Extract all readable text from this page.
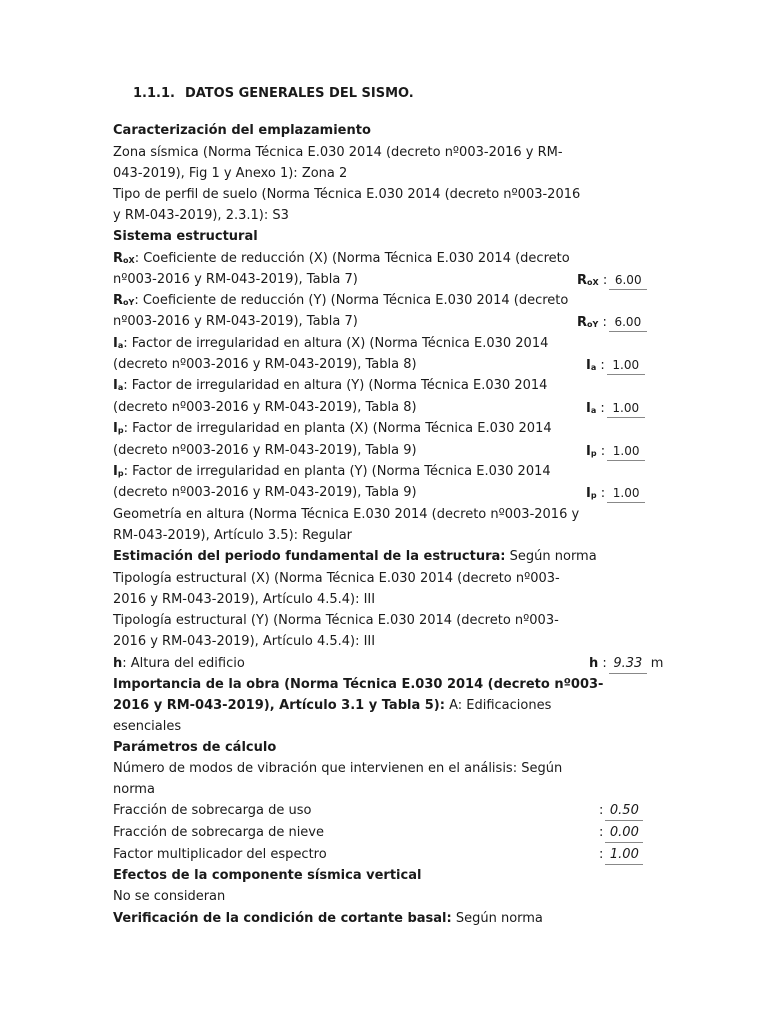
1.1.1. DATOS GENERALES DEL SISMO.
Caracterización del emplazamiento
Zona sísmica (Norma Técnica E.030 2014 (decreto nº003-2016 y RM-
043-2019), Fig 1 y Anexo 1): Zona 2
Tipo de perfil de suelo (Norma Técnica E.030 2014 (decreto nº003-2016
y RM-043-2019), 2.3.1): S3
Sistema estructural
RoX: Coeficiente de reducción (X) (Norma Técnica E.030 2014 (decreto
nº003-2016 y RM-043-2019), Tabla 7)	RoX : 6.00
RoY: Coeficiente de reducción (Y) (Norma Técnica E.030 2014 (decreto
nº003-2016 y RM-043-2019), Tabla 7)	RoY : 6.00
Ia: Factor de irregularidad en altura (X) (Norma Técnica E.030 2014
(decreto nº003-2016 y RM-043-2019), Tabla 8)	Ia : 1.00
Ia: Factor de irregularidad en altura (Y) (Norma Técnica E.030 2014
(decreto nº003-2016 y RM-043-2019), Tabla 8)	Ia : 1.00
Ip: Factor de irregularidad en planta (X) (Norma Técnica E.030 2014
(decreto nº003-2016 y RM-043-2019), Tabla 9)	Ip : 1.00
Ip: Factor de irregularidad en planta (Y) (Norma Técnica E.030 2014
(decreto nº003-2016 y RM-043-2019), Tabla 9)	Ip : 1.00
Geometría en altura (Norma Técnica E.030 2014 (decreto nº003-2016 y
RM-043-2019), Artículo 3.5): Regular
Estimación del periodo fundamental de la estructura: Según norma
Tipología estructural (X) (Norma Técnica E.030 2014 (decreto nº003-
2016 y RM-043-2019), Artículo 4.5.4): III
Tipología estructural (Y) (Norma Técnica E.030 2014 (decreto nº003-
2016 y RM-043-2019), Artículo 4.5.4): III
h: Altura del edificio	h : 9.33 m
Importancia de la obra (Norma Técnica E.030 2014 (decreto nº003-
2016 y RM-043-2019), Artículo 3.1 y Tabla 5): A: Edificaciones
esenciales
Parámetros de cálculo
Número de modos de vibración que intervienen en el análisis: Según
norma
Fracción de sobrecarga de uso	: 0.50
Fracción de sobrecarga de nieve	: 0.00
Factor multiplicador del espectro	: 1.00
Efectos de la componente sísmica vertical
No se consideran
Verificación de la condición de cortante basal: Según norma
